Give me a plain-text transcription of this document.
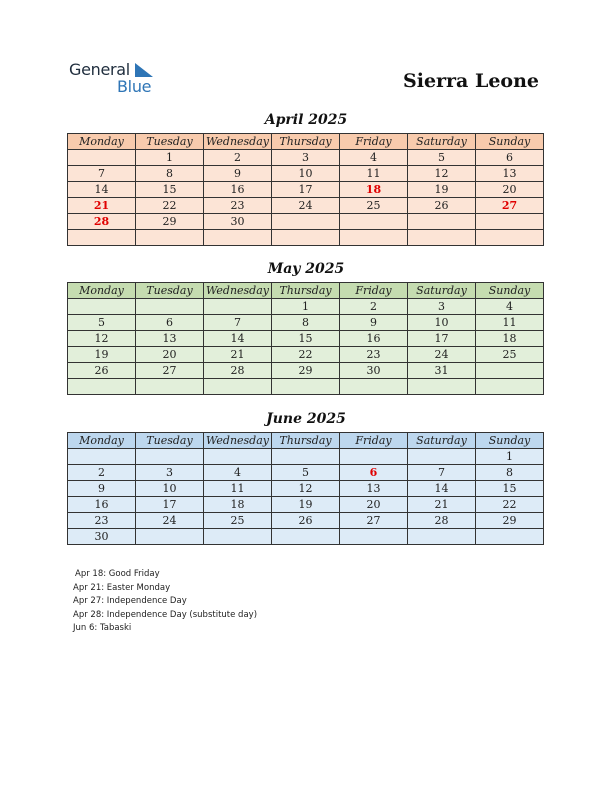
General
Blue	Sierra Leone
April 2025
Monday	Tuesday	Wednesday	Thursday	Friday	Saturday	Sunday
	1	2	3	4	5	6
7	8	9	10	11	12	13
14	15	16	17	18	19	20
21	22	23	24	25	26	27
28	29	30				

May 2025
Monday	Tuesday	Wednesday	Thursday	Friday	Saturday	Sunday
			1	2	3	4
5	6	7	8	9	10	11
12	13	14	15	16	17	18
19	20	21	22	23	24	25
26	27	28	29	30	31	

June 2025
Monday	Tuesday	Wednesday	Thursday	Friday	Saturday	Sunday
						1
2	3	4	5	6	7	8
9	10	11	12	13	14	15
16	17	18	19	20	21	22
23	24	25	26	27	28	29
30						
Apr 18: Good Friday
Apr 21: Easter Monday
Apr 27: Independence Day
Apr 28: Independence Day (substitute day)
Jun 6: Tabaski
